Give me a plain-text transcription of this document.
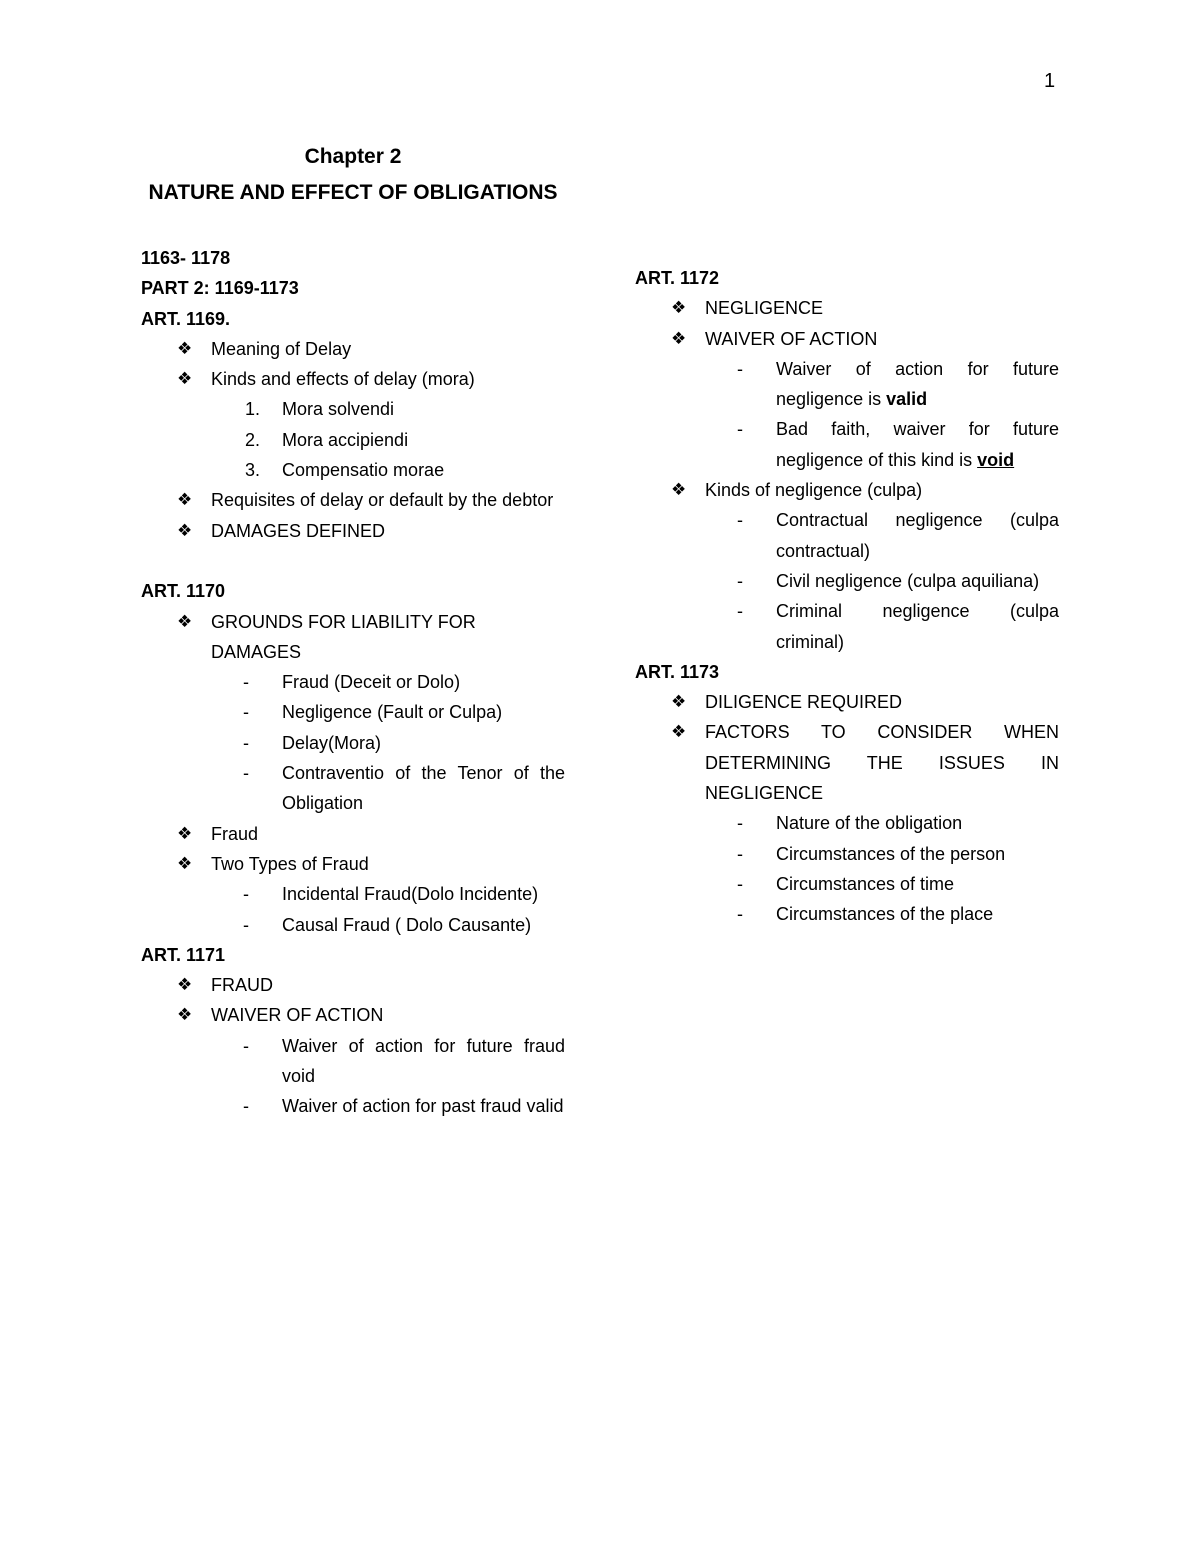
1
Chapter 2
NATURE AND EFFECT OF OBLIGATIONS
1163- 1178
PART 2: 1169-1173
ART. 1169.
❖	Meaning of Delay
❖	Kinds and effects of delay (mora)
1.	Mora solvendi
2.	Mora accipiendi
3.	Compensatio morae
❖	Requisites of delay or default by the debtor
❖	DAMAGES DEFINED
ART. 1170
❖	GROUNDS FOR LIABILITY FOR DAMAGES
-	Fraud (Deceit or Dolo)
-	Negligence (Fault or Culpa)
-	Delay(Mora)
-	Contraventio of the Tenor of the Obligation
❖	Fraud
❖	Two Types of Fraud
-	Incidental Fraud(Dolo Incidente)
-	Causal Fraud ( Dolo Causante)
ART. 1171
❖	FRAUD
❖	WAIVER OF ACTION
-	Waiver of action for future fraud void
-	Waiver of action for past fraud valid
ART. 1172
❖	NEGLIGENCE
❖	WAIVER OF ACTION
-	Waiver of action for future negligence is valid
-	Bad faith, waiver for future negligence of this kind is void
❖	Kinds of negligence (culpa)
-	Contractual negligence (culpa contractual)
-	Civil negligence (culpa aquiliana)
-	Criminal negligence (culpa criminal)
ART. 1173
❖	DILIGENCE REQUIRED
❖	FACTORS TO CONSIDER WHEN DETERMINING THE ISSUES IN NEGLIGENCE
-	Nature of the obligation
-	Circumstances of the person
-	Circumstances of time
-	Circumstances of the place
